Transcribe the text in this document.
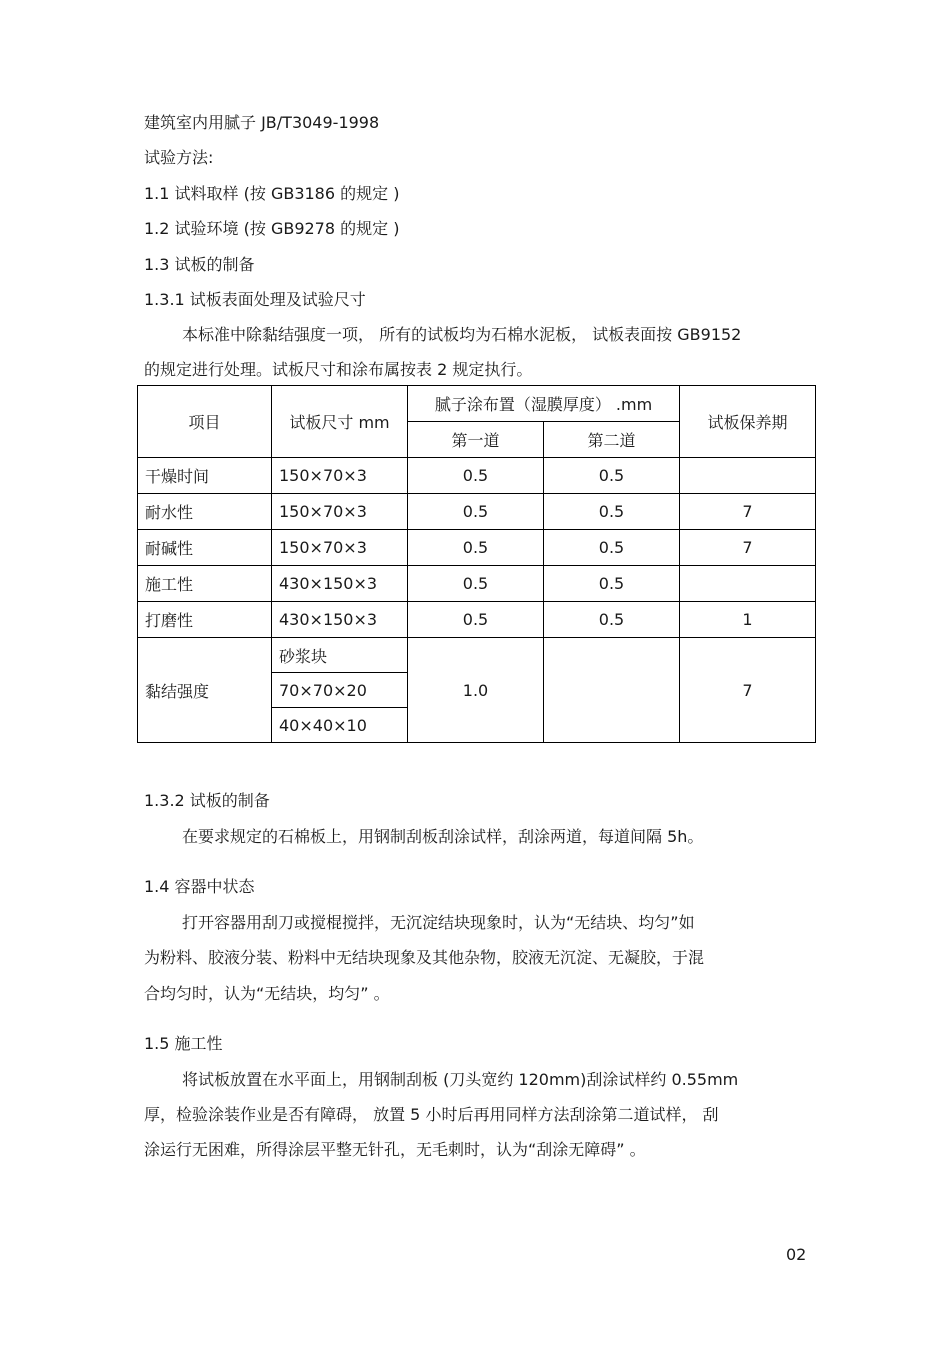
建筑室内用腻子 JB/T3049-1998
试验方法:
1.1 试料取样 (按 GB3186 的规定 )
1.2 试验环境 (按 GB9278 的规定 )
1.3 试板的制备
1.3.1 试板表面处理及试验尺寸
本标准中除黏结强度一项， 所有的试板均为石棉水泥板， 试板表面按 GB9152
的规定进行处理。试板尺寸和涂布属按表 2 规定执行。
项目	试板尺寸 mm	腻子涂布置（湿膜厚度） .mm		试板保养期
		第一道	第二道	
干燥时间	150×70×3	0.5	0.5	
耐水性	150×70×3	0.5	0.5	7
耐碱性	150×70×3	0.5	0.5	7
施工性	430×150×3	0.5	0.5	
打磨性	430×150×3	0.5	0.5	1
黏结强度	砂浆块	1.0		7
	70×70×20			
	40×40×10			
1.3.2 试板的制备
在要求规定的石棉板上，用钢制刮板刮涂试样，刮涂两道，每道间隔 5h。
1.4 容器中状态
打开容器用刮刀或搅棍搅拌，无沉淀结块现象时，认为“无结块、均匀”如
为粉料、胶液分装、粉料中无结块现象及其他杂物，胶液无沉淀、无凝胶，于混
合均匀时，认为“无结块，均匀” 。
1.5 施工性
将试板放置在水平面上，用钢制刮板 (刀头宽约 120mm)刮涂试样约 0.55mm
厚，检验涂装作业是否有障碍， 放置 5 小时后再用同样方法刮涂第二道试样， 刮
涂运行无困难，所得涂层平整无针孔，无毛刺时，认为“刮涂无障碍” 。
02
